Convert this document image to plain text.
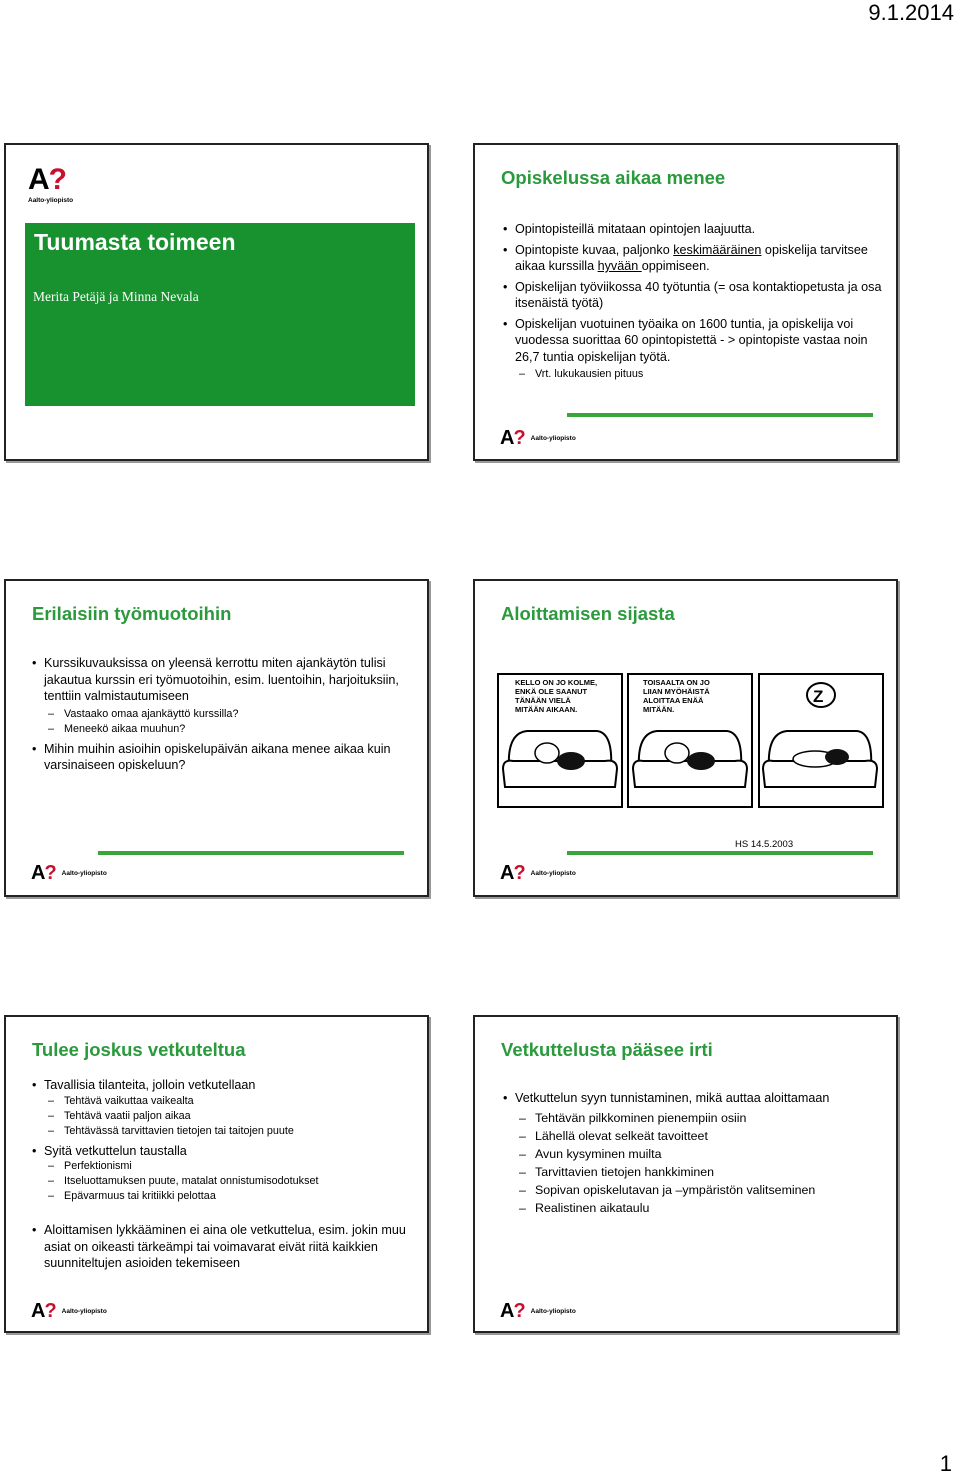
9.1.2014
A?
Aalto-yliopisto
Tuumasta toimeen
Merita Petäjä ja Minna Nevala
Opiskelussa aikaa menee
• Opintopisteillä mitataan opintojen laajuutta.
• Opintopiste kuvaa, paljonko keskimääräinen opiskelija tarvitsee aikaa kurssilla hyvään oppimiseen.
• Opiskelijan työviikossa 40 työtuntia (= osa kontaktiopetusta ja osa itsenäistä työtä)
• Opiskelijan vuotuinen työaika on 1600 tuntia, ja opiskelija voi vuodessa suorittaa 60 opintopistettä - > opintopiste vastaa noin 26,7 tuntia opiskelijan työtä.
– Vrt. lukukausien pituus
A? Aalto-yliopisto
Erilaisiin työmuotoihin
• Kurssikuvauksissa on yleensä kerrottu miten ajankäytön tulisi jakautua kurssin eri työmuotoihin, esim. luentoihin, harjoituksiin, tenttiin valmistautumiseen
– Vastaako omaa ajankäyttö kurssilla?
– Meneekö aikaa muuhun?
• Mihin muihin asioihin opiskelupäivän aikana menee aikaa kuin varsinaiseen opiskeluun?
A? Aalto-yliopisto
Aloittamisen sijasta
KELLO ON JO KOLME,
ENKÄ OLE SAANUT
TÄNÄÄN VIELÄ
MITÄÄN AIKAAN.
TOISAALTA ON JO
LIIAN MYÖHÄISTÄ
ALOITTAA ENÄÄ
MITÄÄN.
Z
HS 14.5.2003
A? Aalto-yliopisto
Tulee joskus vetkuteltua
• Tavallisia tilanteita, jolloin vetkutellaan
– Tehtävä vaikuttaa vaikealta
– Tehtävä vaatii paljon aikaa
– Tehtävässä tarvittavien tietojen tai taitojen puute
• Syitä vetkuttelun taustalla
– Perfektionismi
– Itseluottamuksen puute, matalat onnistumisodotukset
– Epävarmuus tai kritiikki pelottaa
• Aloittamisen lykkääminen ei aina ole vetkuttelua, esim. jokin muu asiat on oikeasti tärkeämpi tai voimavarat eivät riitä kaikkien suunniteltujen asioiden tekemiseen
A? Aalto-yliopisto
Vetkuttelusta pääsee irti
• Vetkuttelun syyn tunnistaminen, mikä auttaa aloittamaan
– Tehtävän pilkkominen pienempiin osiin
– Lähellä olevat selkeät tavoitteet
– Avun kysyminen muilta
– Tarvittavien tietojen hankkiminen
– Sopivan opiskelutavan ja –ympäristön valitseminen
– Realistinen aikataulu
A? Aalto-yliopisto
1
